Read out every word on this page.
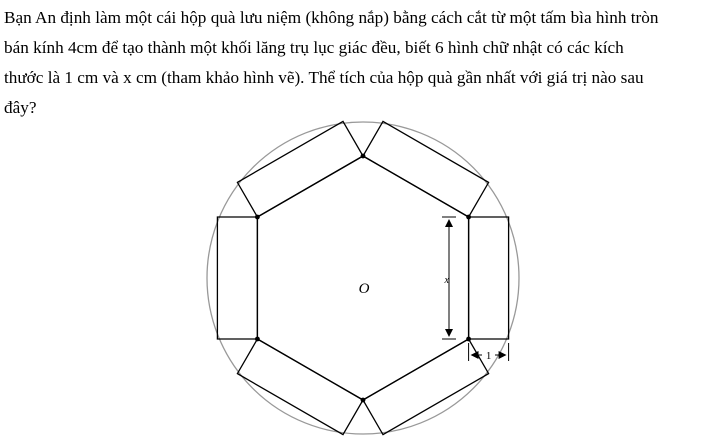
Bạn An định làm một cái hộp quà lưu niệm (không nắp) bằng cách cắt từ một tấm bìa hình tròn
bán kính 4cm để tạo thành một khối lăng trụ lục giác đều, biết 6 hình chữ nhật có các kích
thước là 1 cm và x cm (tham khảo hình vẽ). Thể tích của hộp quà gần nhất với giá trị nào sau
đây?
x
1
O
